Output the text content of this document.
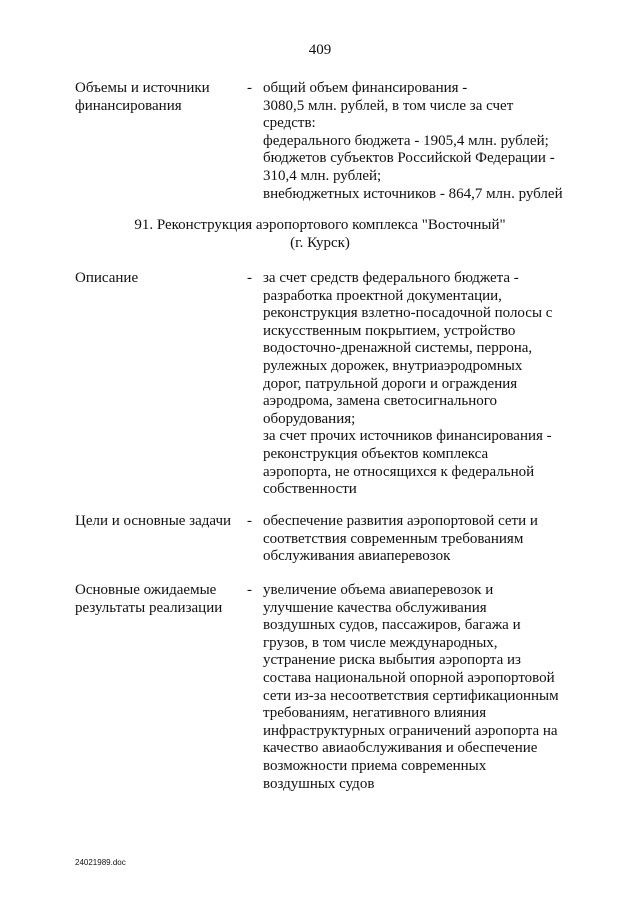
409
Объемы и источники
финансирования
- общий объем финансирования -
3080,5 млн. рублей, в том числе за счет
средств:
федерального бюджета - 1905,4 млн. рублей;
бюджетов субъектов Российской Федерации -
310,4 млн. рублей;
внебюджетных источников - 864,7 млн. рублей
91. Реконструкция аэропортового комплекса "Восточный"
(г. Курск)
Описание	- за счет средств федерального бюджета -
разработка проектной документации,
реконструкция взлетно-посадочной полосы с
искусственным покрытием, устройство
водосточно-дренажной системы, перрона,
рулежных дорожек, внутриаэродромных
дорог, патрульной дороги и ограждения
аэродрома, замена светосигнального
оборудования;
за счет прочих источников финансирования -
реконструкция объектов комплекса
аэропорта, не относящихся к федеральной
собственности
Цели и основные задачи	- обеспечение развития аэропортовой сети и
соответствия современным требованиям
обслуживания авиаперевозок
Основные ожидаемые
результаты реализации
- увеличение объема авиаперевозок и
улучшение качества обслуживания
воздушных судов, пассажиров, багажа и
грузов, в том числе международных,
устранение риска выбытия аэропорта из
состава национальной опорной аэропортовой
сети из-за несоответствия сертификационным
требованиям, негативного влияния
инфраструктурных ограничений аэропорта на
качество авиаобслуживания и обеспечение
возможности приема современных
воздушных судов
24021989.doc
